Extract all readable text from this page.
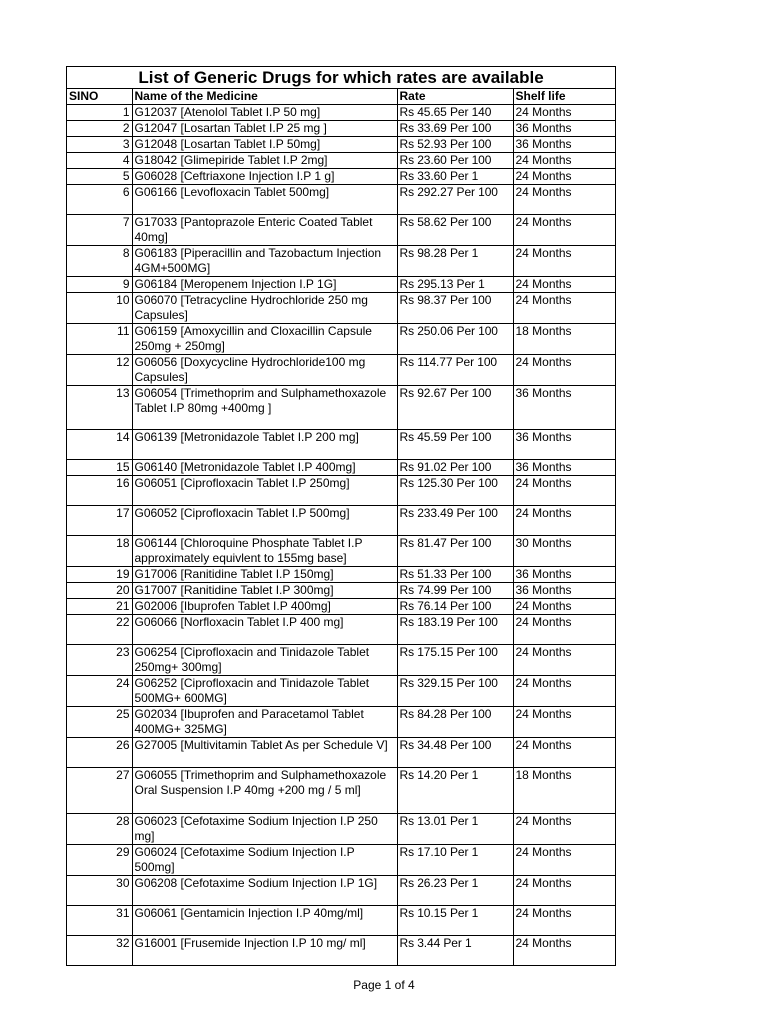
List of Generic Drugs for which rates are available
SINO	Name of the Medicine	Rate	Shelf life
1	G12037 [Atenolol Tablet I.P 50 mg]	Rs 45.65 Per 140	24 Months
2	G12047 [Losartan Tablet I.P 25 mg ]	Rs 33.69 Per 100	36 Months
3	G12048 [Losartan Tablet I.P 50mg]	Rs 52.93 Per 100	36 Months
4	G18042 [Glimepiride Tablet I.P 2mg]	Rs 23.60 Per 100	24 Months
5	G06028 [Ceftriaxone Injection I.P 1 g]	Rs 33.60 Per 1	24 Months
6	G06166 [Levofloxacin Tablet 500mg]	Rs 292.27 Per 100	24 Months
7	G17033 [Pantoprazole Enteric Coated Tablet 40mg]	Rs 58.62 Per 100	24 Months
8	G06183 [Piperacillin and Tazobactum Injection 4GM+500MG]	Rs 98.28 Per 1	24 Months
9	G06184 [Meropenem Injection I.P 1G]	Rs 295.13 Per 1	24 Months
10	G06070 [Tetracycline Hydrochloride 250 mg Capsules]	Rs 98.37 Per 100	24 Months
11	G06159 [Amoxycillin and Cloxacillin Capsule 250mg + 250mg]	Rs 250.06 Per 100	18 Months
12	G06056 [Doxycycline Hydrochloride100 mg Capsules]	Rs 114.77 Per 100	24 Months
13	G06054 [Trimethoprim and Sulphamethoxazole Tablet I.P 80mg +400mg ]	Rs 92.67 Per 100	36 Months
14	G06139 [Metronidazole Tablet I.P 200 mg]	Rs 45.59 Per 100	36 Months
15	G06140 [Metronidazole Tablet I.P 400mg]	Rs 91.02 Per 100	36 Months
16	G06051 [Ciprofloxacin Tablet I.P 250mg]	Rs 125.30 Per 100	24 Months
17	G06052 [Ciprofloxacin Tablet I.P 500mg]	Rs 233.49 Per 100	24 Months
18	G06144 [Chloroquine Phosphate Tablet I.P approximately equivlent to 155mg base]	Rs 81.47 Per 100	30 Months
19	G17006 [Ranitidine Tablet I.P 150mg]	Rs 51.33 Per 100	36 Months
20	G17007 [Ranitidine Tablet I.P 300mg]	Rs 74.99 Per 100	36 Months
21	G02006 [Ibuprofen Tablet I.P 400mg]	Rs 76.14 Per 100	24 Months
22	G06066 [Norfloxacin Tablet I.P 400 mg]	Rs 183.19 Per 100	24 Months
23	G06254 [Ciprofloxacin and Tinidazole Tablet 250mg+ 300mg]	Rs 175.15 Per 100	24 Months
24	G06252 [Ciprofloxacin and Tinidazole Tablet 500MG+ 600MG]	Rs 329.15 Per 100	24 Months
25	G02034 [Ibuprofen and Paracetamol Tablet 400MG+ 325MG]	Rs 84.28 Per 100	24 Months
26	G27005 [Multivitamin Tablet As per Schedule V]	Rs 34.48 Per 100	24 Months
27	G06055 [Trimethoprim and Sulphamethoxazole Oral Suspension I.P 40mg +200 mg / 5 ml]	Rs 14.20 Per 1	18 Months
28	G06023 [Cefotaxime Sodium Injection I.P 250 mg]	Rs 13.01 Per 1	24 Months
29	G06024 [Cefotaxime Sodium Injection I.P 500mg]	Rs 17.10 Per 1	24 Months
30	G06208 [Cefotaxime Sodium Injection I.P 1G]	Rs 26.23 Per 1	24 Months
31	G06061 [Gentamicin Injection I.P 40mg/ml]	Rs 10.15 Per 1	24 Months
32	G16001 [Frusemide Injection I.P 10 mg/ ml]	Rs 3.44 Per 1	24 Months
Page 1 of 4
